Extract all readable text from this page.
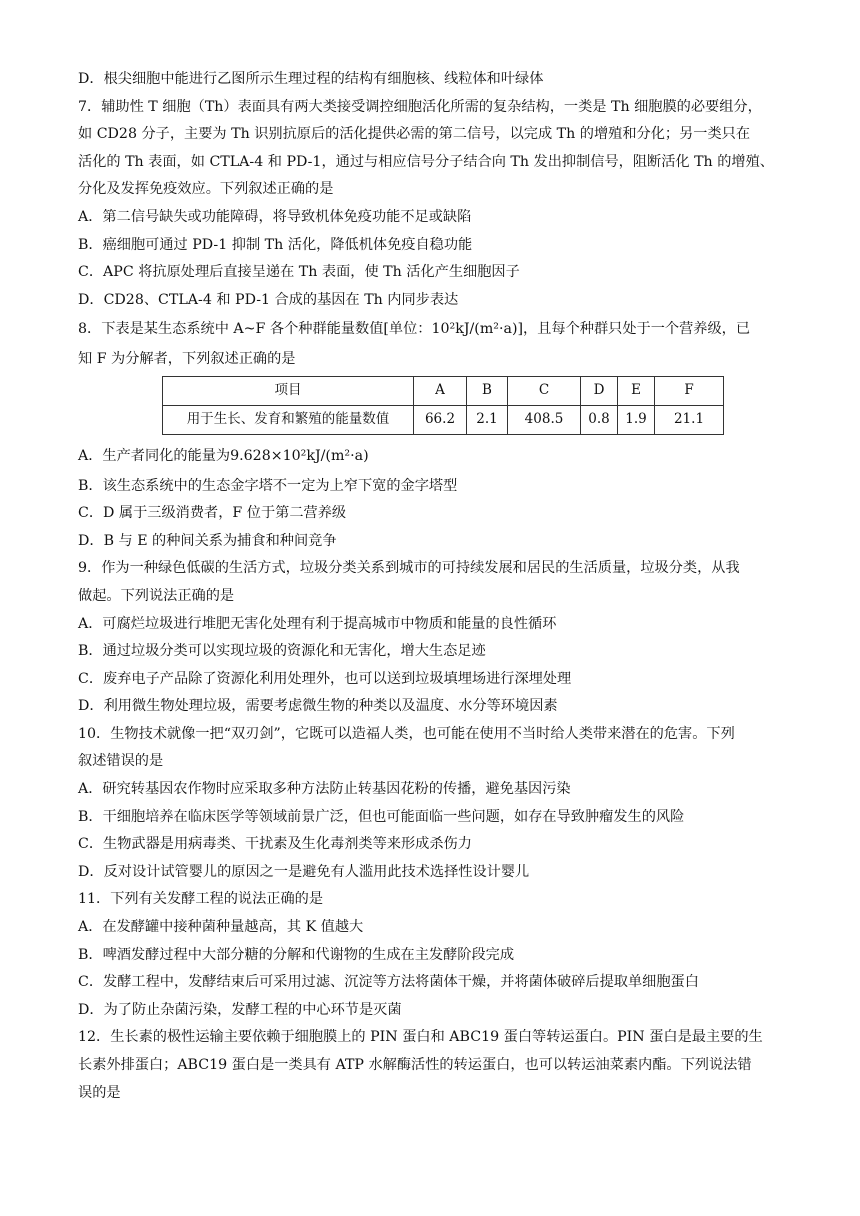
D．根尖细胞中能进行乙图所示生理过程的结构有细胞核、线粒体和叶绿体
7．辅助性 T 细胞（Th）表面具有两大类接受调控细胞活化所需的复杂结构，一类是 Th 细胞膜的必要组分，
如 CD28 分子，主要为 Th 识别抗原后的活化提供必需的第二信号，以完成 Th 的增殖和分化；另一类只在
活化的 Th 表面，如 CTLA-4 和 PD-1，通过与相应信号分子结合向 Th 发出抑制信号，阻断活化 Th 的增殖、
分化及发挥免疫效应。下列叙述正确的是
A．第二信号缺失或功能障碍，将导致机体免疫功能不足或缺陷
B．癌细胞可通过 PD-1 抑制 Th 活化，降低机体免疫自稳功能
C．APC 将抗原处理后直接呈递在 Th 表面，使 Th 活化产生细胞因子
D．CD28、CTLA-4 和 PD-1 合成的基因在 Th 内同步表达
8．下表是某生态系统中 A~F 各个种群能量数值[单位：10²kJ/(m²·a)]，且每个种群只处于一个营养级，已
知 F 为分解者，下列叙述正确的是
项目	A	B	C	D	E	F
用于生长、发育和繁殖的能量数值	66.2	2.1	408.5	0.8	1.9	21.1
A．生产者同化的能量为9.628×10²kJ/(m²·a)
B．该生态系统中的生态金字塔不一定为上窄下宽的金字塔型
C．D 属于三级消费者，F 位于第二营养级
D．B 与 E 的种间关系为捕食和种间竞争
9．作为一种绿色低碳的生活方式，垃圾分类关系到城市的可持续发展和居民的生活质量，垃圾分类，从我
做起。下列说法正确的是
A．可腐烂垃圾进行堆肥无害化处理有利于提高城市中物质和能量的良性循环
B．通过垃圾分类可以实现垃圾的资源化和无害化，增大生态足迹
C．废弃电子产品除了资源化利用处理外，也可以送到垃圾填埋场进行深埋处理
D．利用微生物处理垃圾，需要考虑微生物的种类以及温度、水分等环境因素
10．生物技术就像一把“双刃剑”，它既可以造福人类，也可能在使用不当时给人类带来潜在的危害。下列
叙述错误的是
A．研究转基因农作物时应采取多种方法防止转基因花粉的传播，避免基因污染
B．干细胞培养在临床医学等领域前景广泛，但也可能面临一些问题，如存在导致肿瘤发生的风险
C．生物武器是用病毒类、干扰素及生化毒剂类等来形成杀伤力
D．反对设计试管婴儿的原因之一是避免有人滥用此技术选择性设计婴儿
11．下列有关发酵工程的说法正确的是
A．在发酵罐中接种菌种量越高，其 K 值越大
B．啤酒发酵过程中大部分糖的分解和代谢物的生成在主发酵阶段完成
C．发酵工程中，发酵结束后可采用过滤、沉淀等方法将菌体干燥，并将菌体破碎后提取单细胞蛋白
D．为了防止杂菌污染，发酵工程的中心环节是灭菌
12．生长素的极性运输主要依赖于细胞膜上的 PIN 蛋白和 ABC19 蛋白等转运蛋白。PIN 蛋白是最主要的生
长素外排蛋白；ABC19 蛋白是一类具有 ATP 水解酶活性的转运蛋白，也可以转运油菜素内酯。下列说法错
误的是
